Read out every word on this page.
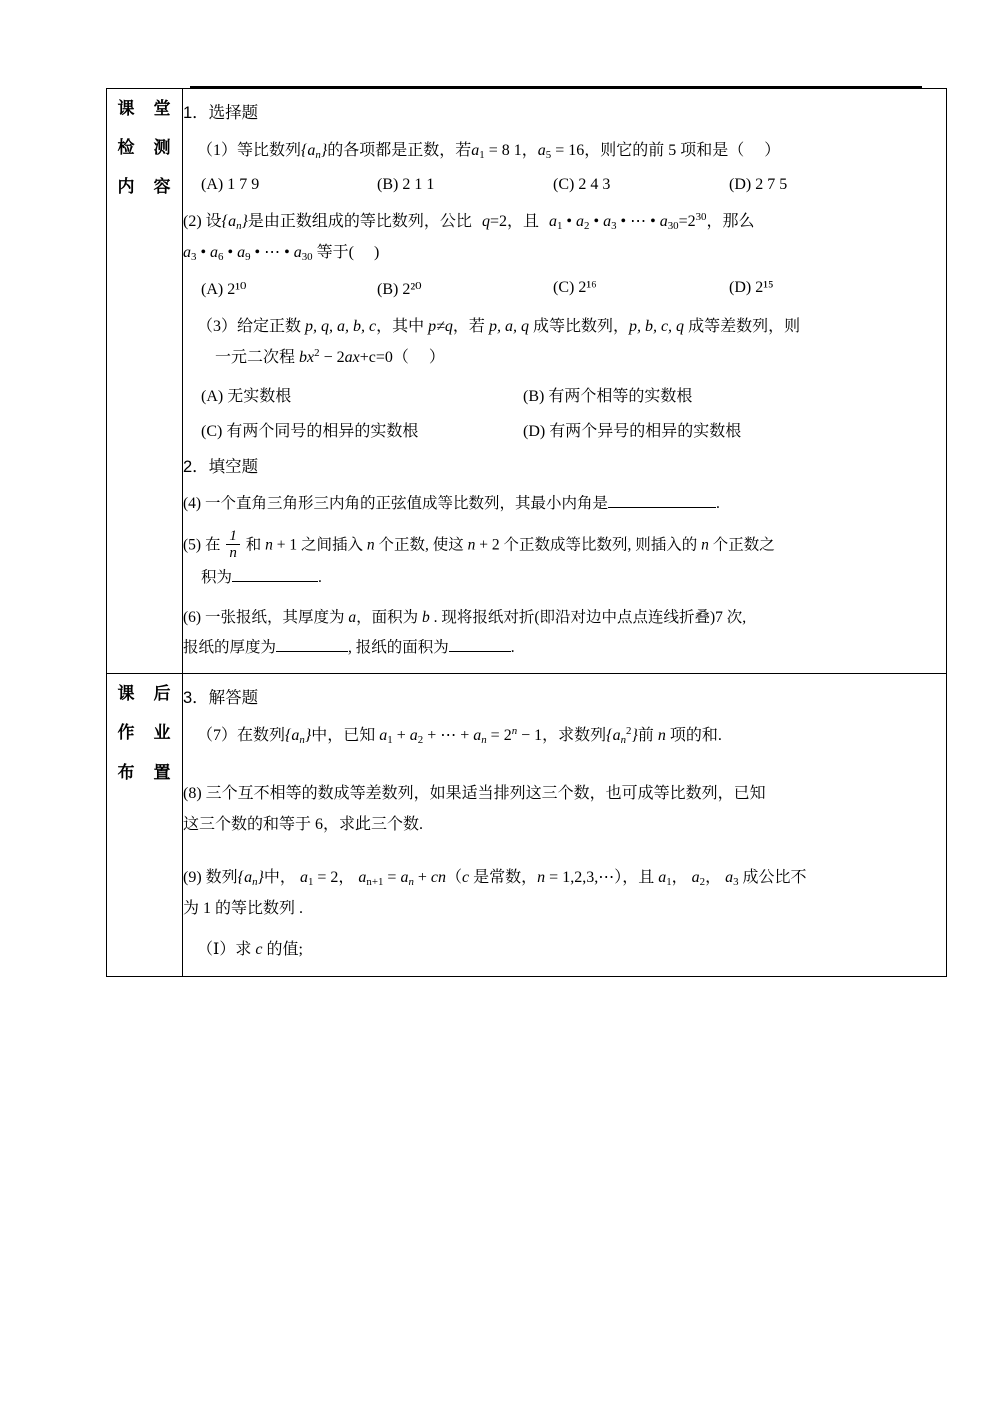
课　堂
检　测
内　容

1．选择题
（1）等比数列$\{a_n\}$的各项都是正数，若$a_1 = 8$ 1，$a_5 = 16$，则它的前 5 项和是（ ）
(A) 1 7 9	(B) 2 1 1	(C) 2 4 3	(D) 2 7 5
(2) 设$\{a_n\}$是由正数组成的等比数列，公比 q=2，且 $a_1$ • $a_2$ • $a_3$ • ⋯ • $a_{30}=2^{30}$，那么
$a_3$ • $a_6$ • $a_9$ • ⋯ • $a_{30}$ 等于( )
(A) 2¹⁰	(B) 2²⁰	(C) 2¹⁶	(D) 2¹⁵
（3）给定正数 p, q, a, b, c，其中 p≠q，若 p, a, q 成等比数列，p, b, c, q 成等差数列，则
一元二次程 $bx^2 - 2ax+c=0$（ ）
(A) 无实数根	(B) 有两个相等的实数根
(C) 有两个同号的相异的实数根	(D) 有两个异号的相异的实数根
2．填空题
(4) 一个直角三角形三内角的正弦值成等比数列，其最小内角是	.
(5) 在 $\frac{1}{n}$ 和 n + 1 之间插入 n 个正数, 使这 n + 2 个正数成等比数列, 则插入的 n 个正数之
积为	.
(6) 一张报纸，其厚度为 a，面积为 b . 现将报纸对折(即沿对边中点点连线折叠)7 次,
报纸的厚度为	, 报纸的面积为	.

课　后
作　业
布　置

3．解答题
（7）在数列$\{a_n\}$中，已知 $a_1 + a_2$ + ⋯ + $a_n = 2^n - 1$，求数列$\{a_n^2\}$前 n 项的和.
(8) 三个互不相等的数成等差数列，如果适当排列这三个数，也可成等比数列，已知
这三个数的和等于 6，求此三个数.
(9) 数列$\{a_n\}$中， $a_1 = 2$， $a_{n+1} = a_n + cn(c$ 是常数，n = 1,2,3,⋯），且 $a_1$， $a_2$， $a_3$ 成公比不
为 1 的等比数列 .
（Ⅰ）求 c 的值;
